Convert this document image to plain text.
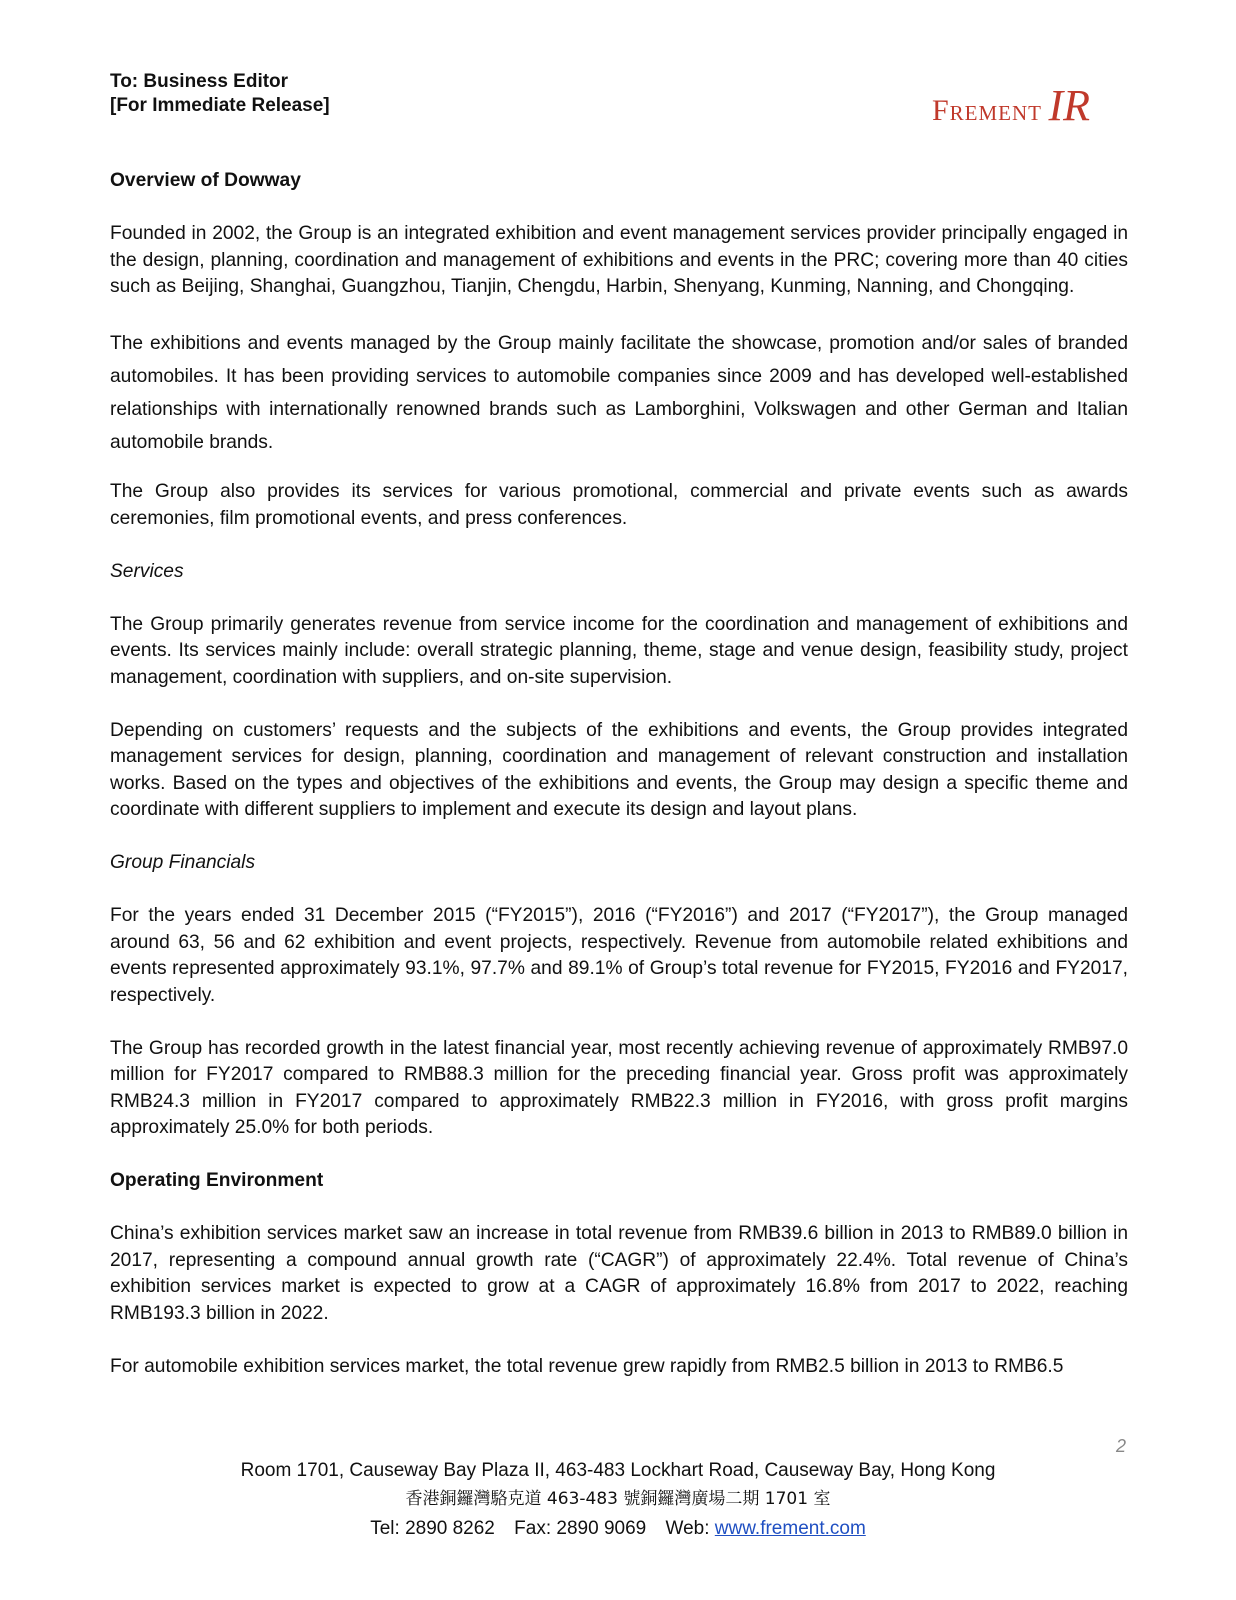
To: Business Editor
[For Immediate Release]	Frement IR

Overview of Dowway

Founded in 2002, the Group is an integrated exhibition and event management services provider principally engaged in the design, planning, coordination and management of exhibitions and events in the PRC; covering more than 40 cities such as Beijing, Shanghai, Guangzhou, Tianjin, Chengdu, Harbin, Shenyang, Kunming, Nanning, and Chongqing.

The exhibitions and events managed by the Group mainly facilitate the showcase, promotion and/or sales of branded automobiles. It has been providing services to automobile companies since 2009 and has developed well-established relationships with internationally renowned brands such as Lamborghini, Volkswagen and other German and Italian automobile brands.

The Group also provides its services for various promotional, commercial and private events such as awards ceremonies, film promotional events, and press conferences.

Services

The Group primarily generates revenue from service income for the coordination and management of exhibitions and events. Its services mainly include: overall strategic planning, theme, stage and venue design, feasibility study, project management, coordination with suppliers, and on-site supervision.

Depending on customers’ requests and the subjects of the exhibitions and events, the Group provides integrated management services for design, planning, coordination and management of relevant construction and installation works. Based on the types and objectives of the exhibitions and events, the Group may design a specific theme and coordinate with different suppliers to implement and execute its design and layout plans.

Group Financials

For the years ended 31 December 2015 (“FY2015”), 2016 (“FY2016”) and 2017 (“FY2017”), the Group managed around 63, 56 and 62 exhibition and event projects, respectively. Revenue from automobile related exhibitions and events represented approximately 93.1%, 97.7% and 89.1% of Group’s total revenue for FY2015, FY2016 and FY2017, respectively.

The Group has recorded growth in the latest financial year, most recently achieving revenue of approximately RMB97.0 million for FY2017 compared to RMB88.3 million for the preceding financial year. Gross profit was approximately RMB24.3 million in FY2017 compared to approximately RMB22.3 million in FY2016, with gross profit margins approximately 25.0% for both periods.

Operating Environment

China’s exhibition services market saw an increase in total revenue from RMB39.6 billion in 2013 to RMB89.0 billion in 2017, representing a compound annual growth rate (“CAGR”) of approximately 22.4%. Total revenue of China’s exhibition services market is expected to grow at a CAGR of approximately 16.8% from 2017 to 2022, reaching RMB193.3 billion in 2022.

For automobile exhibition services market, the total revenue grew rapidly from RMB2.5 billion in 2013 to RMB6.5

2
Room 1701, Causeway Bay Plaza II, 463-483 Lockhart Road, Causeway Bay, Hong Kong
香港銅鑼灣駱克道 463-483 號銅鑼灣廣場二期 1701 室
Tel: 2890 8262 Fax: 2890 9069 Web: www.frement.com
